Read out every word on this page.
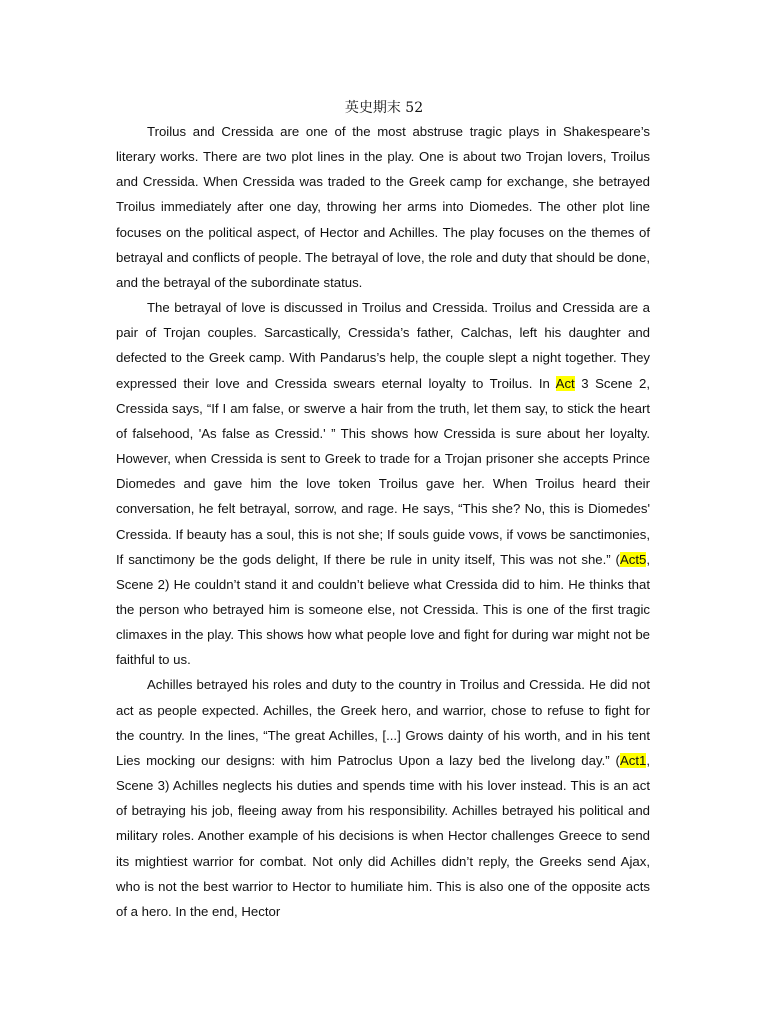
英史期末 52

Troilus and Cressida are one of the most abstruse tragic plays in Shakespeare’s literary works. There are two plot lines in the play. One is about two Trojan lovers, Troilus and Cressida. When Cressida was traded to the Greek camp for exchange, she betrayed Troilus immediately after one day, throwing her arms into Diomedes. The other plot line focuses on the political aspect, of Hector and Achilles. The play focuses on the themes of betrayal and conflicts of people. The betrayal of love, the role and duty that should be done, and the betrayal of the subordinate status.

The betrayal of love is discussed in Troilus and Cressida. Troilus and Cressida are a pair of Trojan couples. Sarcastically, Cressida’s father, Calchas, left his daughter and defected to the Greek camp. With Pandarus’s help, the couple slept a night together. They expressed their love and Cressida swears eternal loyalty to Troilus. In Act 3 Scene 2, Cressida says, “If I am false, or swerve a hair from the truth, let them say, to stick the heart of falsehood, 'As false as Cressid.' ” This shows how Cressida is sure about her loyalty. However, when Cressida is sent to Greek to trade for a Trojan prisoner she accepts Prince Diomedes and gave him the love token Troilus gave her. When Troilus heard their conversation, he felt betrayal, sorrow, and rage. He says, “This she? No, this is Diomedes' Cressida. If beauty has a soul, this is not she; If souls guide vows, if vows be sanctimonies, If sanctimony be the gods delight, If there be rule in unity itself, This was not she.” (Act5, Scene 2) He couldn’t stand it and couldn’t believe what Cressida did to him. He thinks that the person who betrayed him is someone else, not Cressida. This is one of the first tragic climaxes in the play. This shows how what people love and fight for during war might not be faithful to us.

Achilles betrayed his roles and duty to the country in Troilus and Cressida. He did not act as people expected. Achilles, the Greek hero, and warrior, chose to refuse to fight for the country. In the lines, “The great Achilles, [...] Grows dainty of his worth, and in his tent Lies mocking our designs: with him Patroclus Upon a lazy bed the livelong day.” (Act1, Scene 3) Achilles neglects his duties and spends time with his lover instead. This is an act of betraying his job, fleeing away from his responsibility. Achilles betrayed his political and military roles. Another example of his decisions is when Hector challenges Greece to send its mightiest warrior for combat. Not only did Achilles didn’t reply, the Greeks send Ajax, who is not the best warrior to Hector to humiliate him. This is also one of the opposite acts of a hero. In the end, Hector
